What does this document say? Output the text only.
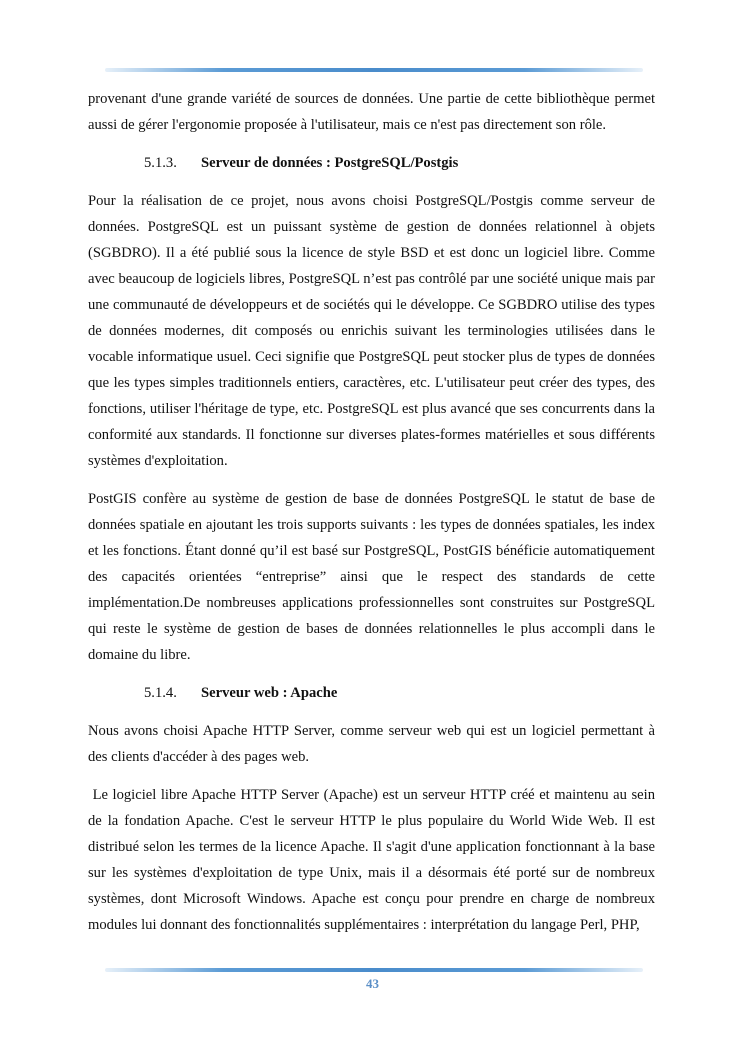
provenant d'une grande variété de sources de données. Une partie de cette bibliothèque permet aussi de gérer l'ergonomie proposée à l'utilisateur, mais ce n'est pas directement son rôle.

5.1.3. Serveur de données : PostgreSQL/Postgis

Pour la réalisation de ce projet, nous avons choisi PostgreSQL/Postgis comme serveur de données. PostgreSQL est un puissant système de gestion de données relationnel à objets (SGBDRO). Il a été publié sous la licence de style BSD et est donc un logiciel libre. Comme avec beaucoup de logiciels libres, PostgreSQL n’est pas contrôlé par une société unique mais par une communauté de développeurs et de sociétés qui le développe. Ce SGBDRO utilise des types de données modernes, dit composés ou enrichis suivant les terminologies utilisées dans le vocable informatique usuel. Ceci signifie que PostgreSQL peut stocker plus de types de données que les types simples traditionnels entiers, caractères, etc. L'utilisateur peut créer des types, des fonctions, utiliser l'héritage de type, etc. PostgreSQL est plus avancé que ses concurrents dans la conformité aux standards. Il fonctionne sur diverses plates-formes matérielles et sous différents systèmes d'exploitation.

PostGIS confère au système de gestion de base de données PostgreSQL le statut de base de données spatiale en ajoutant les trois supports suivants : les types de données spatiales, les index et les fonctions. Étant donné qu’il est basé sur PostgreSQL, PostGIS bénéficie automatiquement des capacités orientées “entreprise” ainsi que le respect des standards de cette implémentation.De nombreuses applications professionnelles sont construites sur PostgreSQL qui reste le système de gestion de bases de données relationnelles le plus accompli dans le domaine du libre.

5.1.4. Serveur web : Apache

Nous avons choisi Apache HTTP Server, comme serveur web qui est un logiciel permettant à des clients d'accéder à des pages web.

Le logiciel libre Apache HTTP Server (Apache) est un serveur HTTP créé et maintenu au sein de la fondation Apache. C'est le serveur HTTP le plus populaire du World Wide Web. Il est distribué selon les termes de la licence Apache. Il s'agit d'une application fonctionnant à la base sur les systèmes d'exploitation de type Unix, mais il a désormais été porté sur de nombreux systèmes, dont Microsoft Windows. Apache est conçu pour prendre en charge de nombreux modules lui donnant des fonctionnalités supplémentaires : interprétation du langage Perl, PHP,

43
